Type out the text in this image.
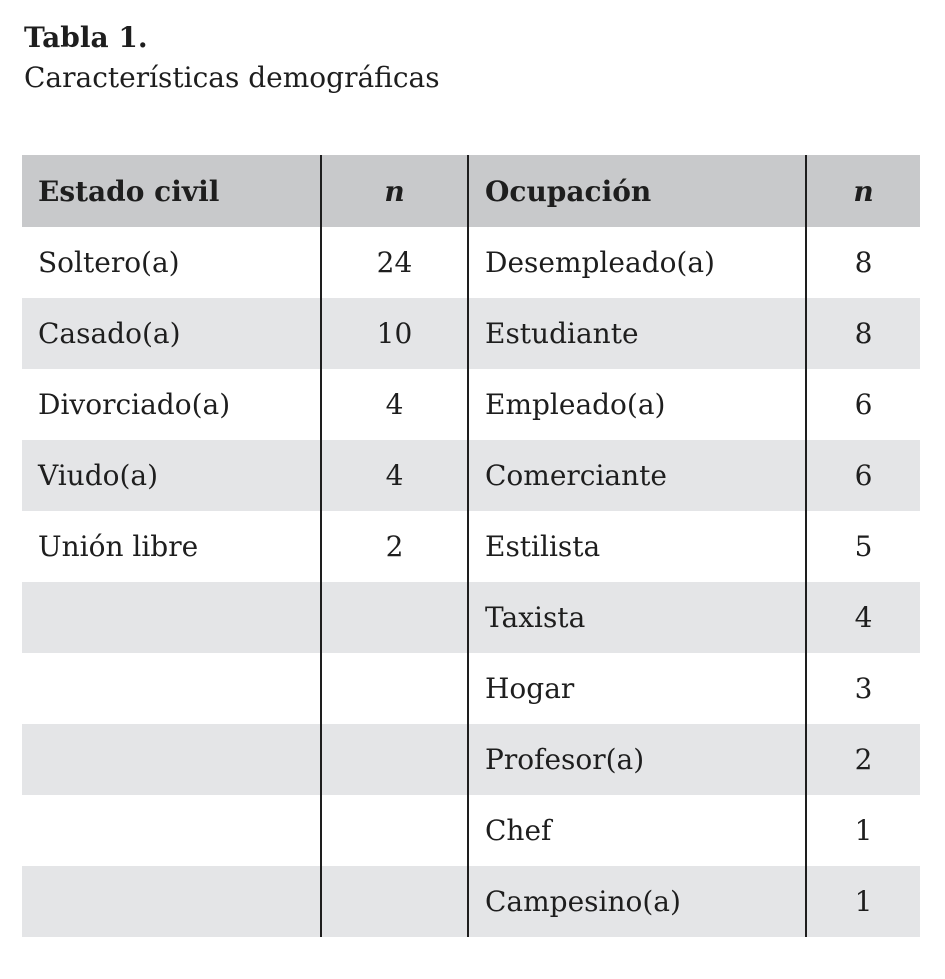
Tabla 1.
Características demográficas
Estado civil	n	Ocupación	n
Soltero(a)	24	Desempleado(a)	8
Casado(a)	10	Estudiante	8
Divorciado(a)	4	Empleado(a)	6
Viudo(a)	4	Comerciante	6
Unión libre	2	Estilista	5
		Taxista	4
		Hogar	3
		Profesor(a)	2
		Chef	1
		Campesino(a)	1
